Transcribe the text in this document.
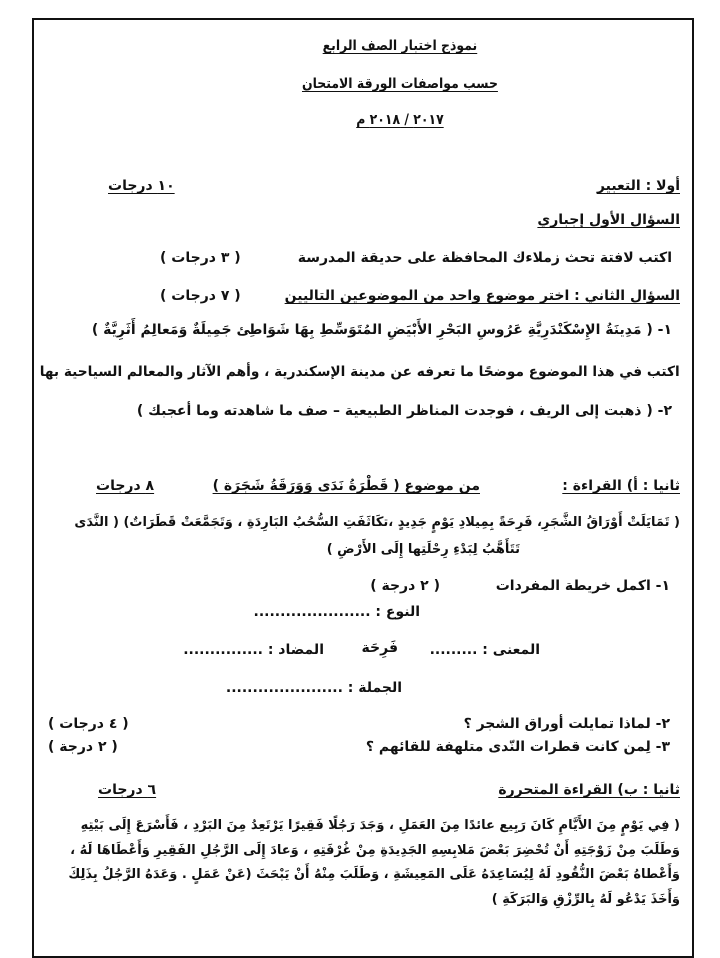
نموذج اختبار الصف الرابع
حسب مواصفات الورقة الامتحان
٢٠١٧ / ٢٠١٨ م
أولا : التعبير
١٠ درجات
السؤال الأول إجباري
اكتب لافتة تحث زملاءك المحافظة على حديقة المدرسة
( ٣ درجات )
السؤال الثاني : اختر موضوع واحد من الموضوعين التاليين
( ٧ درجات )
١- ( مَدِينَةُ الإِسْكَنْدَرِيَّةِ عَرُوسِ البَحْرِ الأَبْيَضِ المُتَوَسِّطِ بِهَا شَوَاطِئ جَمِيلَةٌ وَمَعالِمُ أَثَرِيَّةٌ )
اكتب في هذا الموضوع موضحًا ما تعرفه عن مدينة الإسكندرية ، وأهم الآثار والمعالم السياحية بها
٢- ( ذهبت إلى الريف ، فوجدت المناظر الطبيعية – صف ما شاهدته وما أعجبك )
ثانيا : أ) القراءة :
من موضوع ( قَطْرَةُ نَدَى وَوَرَقَةُ شَجَرَة )
٨ درجات
( تَمَايَلَتْ أَوْرَاقُ الشَّجَرِ، فَرِحَةً بِمِيلادِ يَوْمٍ جَدِيدٍ ،تكَاثَفَتِ السُّحُبُ البَارِدَةِ ، وَتَجَمَّعَتْ قَطَرَاتٌ) ( النَّدَى
تَتَأَهَّبُ لِبَدْءِ رِحْلَتِها إِلَى الأَرْضِ )
١- اكمل خريطة المفردات
( ٢ درجة )
النوع : ......................
المعنى : .........
فَرِحَة
المضاد : ...............
الجملة : ......................
٢- لماذا تمايلت أوراق الشجر ؟
( ٤ درجات )
٣- لِمن كانت قطرات النّدى متلهفة للقائهم ؟
( ٢ درجة )
ثانيا : ب) القراءة المتحررة
٦ درجات
( فِي يَوْمٍ مِنَ الأَيَّامِ كَانَ رَبِيع عائدًا مِنَ العَمَلِ ، وَجَدَ رَجُلًا فَقِيرًا يَرْتَعِدُ مِنَ البَرْدِ ، فَأَسْرَعَ إِلَى بَيْتِهِ
وَطَلَبَ مِنْ زَوْجَتِهِ أَنْ تُحْضِرَ بَعْضَ مَلابِسِهِ الجَدِيدَةِ مِنْ غُرْفَتِهِ ، وَعادَ إِلَى الرَّجُلِ الفَقِيرِ وَأَعْطَاهَا لَهُ ،
وَأَعْطاهُ بَعْضَ النُّقُودِ لَهُ لِيُسَاعِدَهُ عَلَى المَعِيشَةِ ، وَطَلَبَ مِنْهُ أَنْ يَبْحَثَ (عَنْ عَمَلٍ . وَعَدَهُ الرَّجُلُ بِذَلِكَ
وَأَخَذَ يَدْعُو لَهُ بِالرِّزْقِ وَالبَرَكَةِ )
